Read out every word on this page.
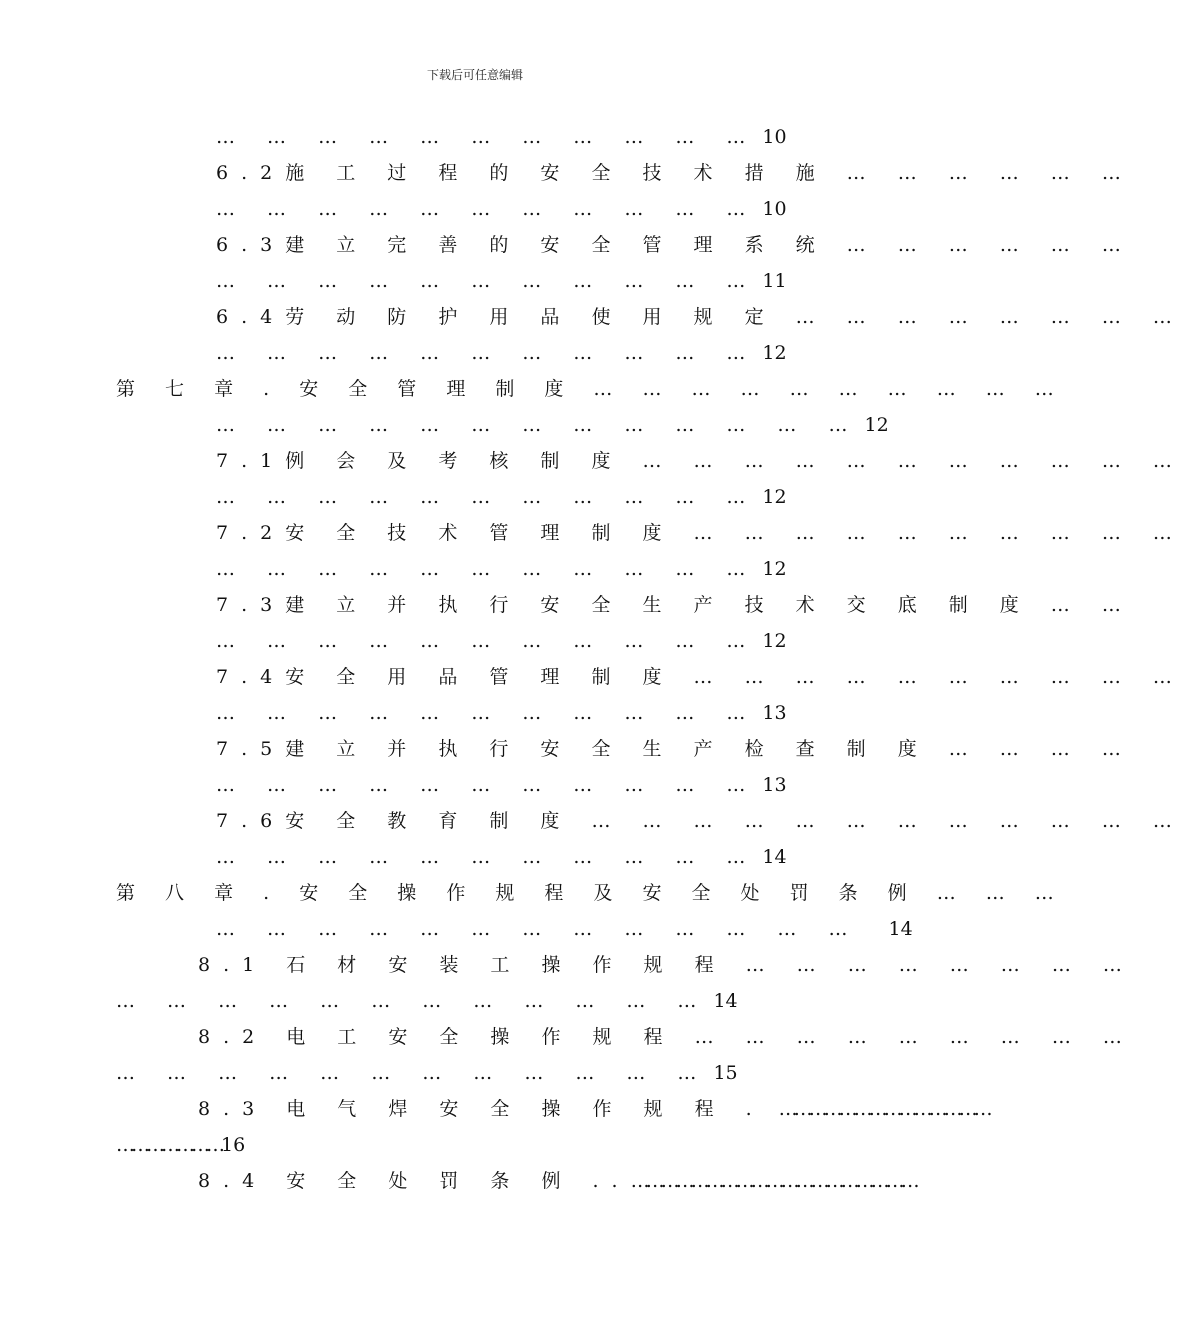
下载后可任意编辑
… … … … … … … … … … … 10
6.2施 工 过 程 的 安 全 技 术 措 施 … … … … … …
… … … … … … … … … … … 10
6.3建 立 完 善 的 安 全 管 理 系 统 … … … … … …
… … … … … … … … … … … 11
6.4劳 动 防 护 用 品 使 用 规 定 … … … … … … … …
… … … … … … … … … … … 12
第 七 章 . 安 全 管 理 制 度 … … … … … … … … … …
… … … … … … … … … … … … … 12
7.1例 会 及 考 核 制 度 … … … … … … … … … … …
… … … … … … … … … … … 12
7.2安 全 技 术 管 理 制 度 … … … … … … … … … …
… … … … … … … … … … … 12
7.3建 立 并 执 行 安 全 生 产 技 术 交 底 制 度 … …
… … … … … … … … … … … 12
7.4安 全 用 品 管 理 制 度 … … … … … … … … … …
… … … … … … … … … … … 13
7.5建 立 并 执 行 安 全 生 产 检 查 制 度 … … … …
… … … … … … … … … … … 13
7.6安 全 教 育 制 度 … … … … … … … … … … … …
… … … … … … … … … … … 14
第 八 章 . 安 全 操 作 规 程 及 安 全 处 罚 条 例 … … …
… … … … … … … … … … … … … 14
8.1 石 材 安 装 工 操 作 规 程 … … … … … … … …
… … … … … … … … … … … … 14
8.2 电 工 安 全 操 作 规 程 … … … … … … … … …
… … … … … … … … … … … … 15
8.3 电 气 焊 安 全 操 作 规 程 . ……………………………………
…………………16
8.4 安 全 处 罚 条 例 ..…………………………………………………
